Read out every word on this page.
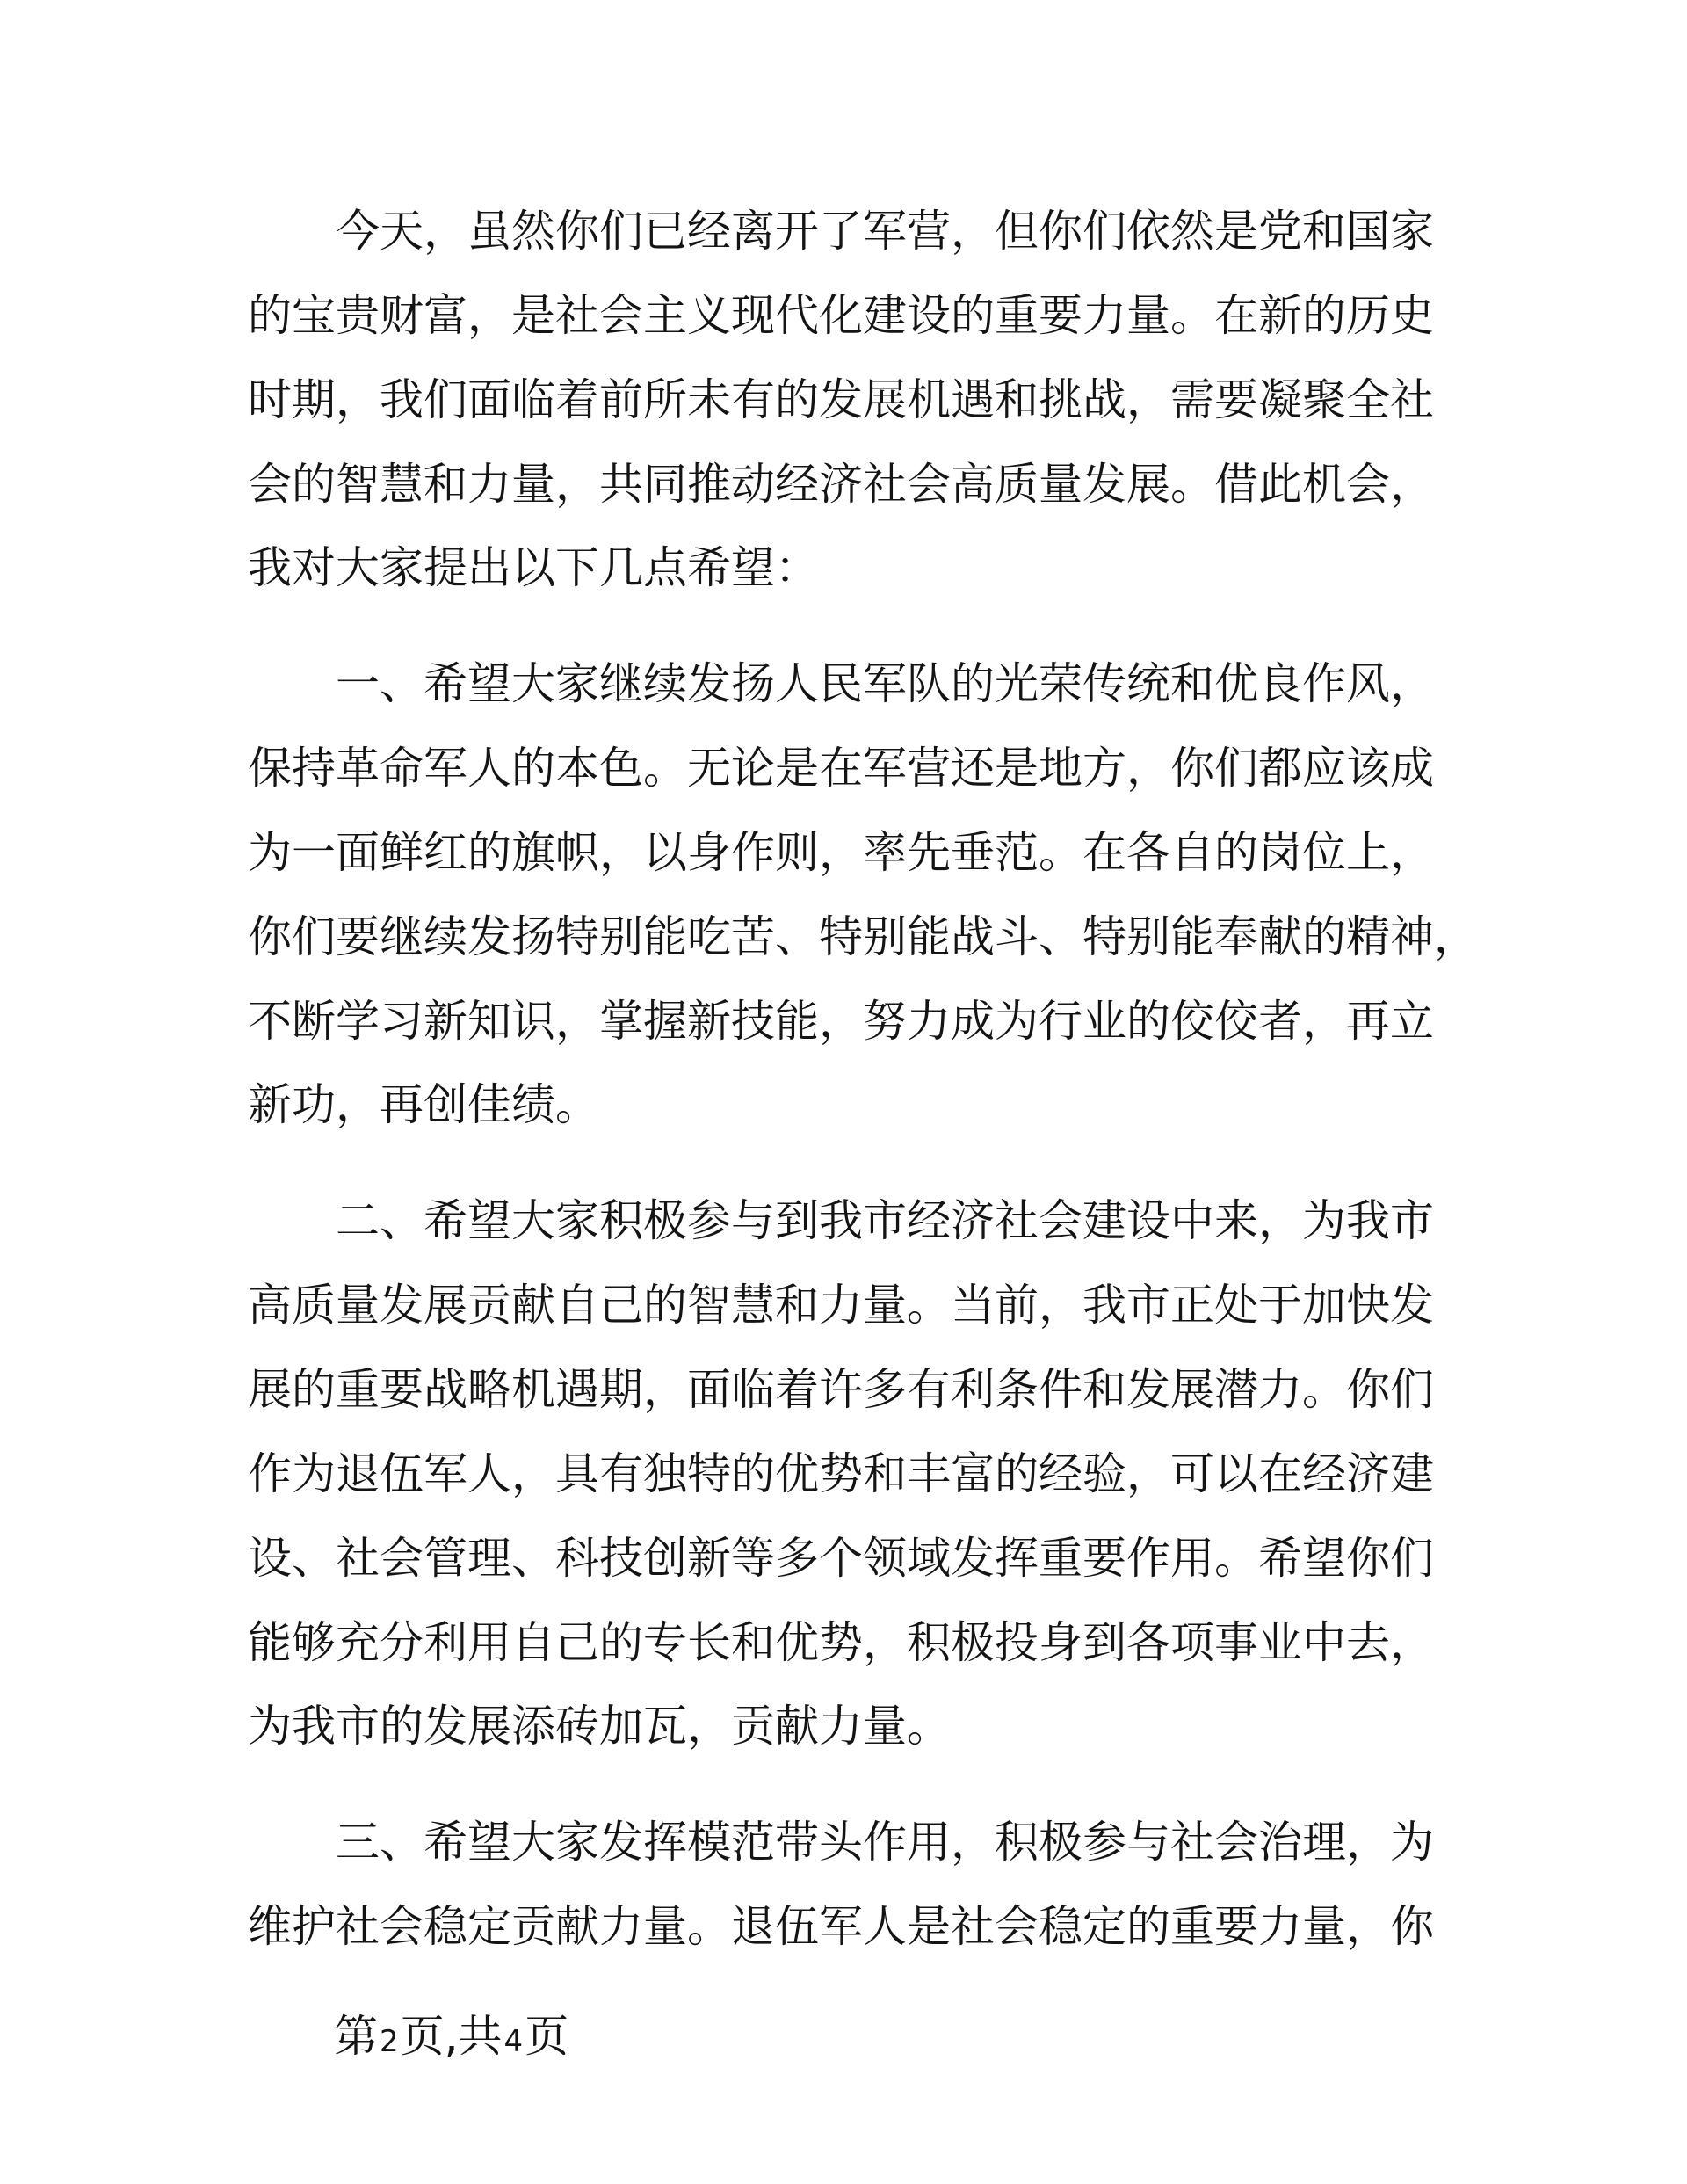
　　今天，虽然你们已经离开了军营，但你们依然是党和国家

的宝贵财富，是社会主义现代化建设的重要力量。在新的历史

时期，我们面临着前所未有的发展机遇和挑战，需要凝聚全社

会的智慧和力量，共同推动经济社会高质量发展。借此机会，

我对大家提出以下几点希望：

　　一、希望大家继续发扬人民军队的光荣传统和优良作风，

保持革命军人的本色。无论是在军营还是地方，你们都应该成

为一面鲜红的旗帜，以身作则，率先垂范。在各自的岗位上，

你们要继续发扬特别能吃苦、特别能战斗、特别能奉献的精神，

不断学习新知识，掌握新技能，努力成为行业的佼佼者，再立

新功，再创佳绩。

　　二、希望大家积极参与到我市经济社会建设中来，为我市

高质量发展贡献自己的智慧和力量。当前，我市正处于加快发

展的重要战略机遇期，面临着许多有利条件和发展潜力。你们

作为退伍军人，具有独特的优势和丰富的经验，可以在经济建

设、社会管理、科技创新等多个领域发挥重要作用。希望你们

能够充分利用自己的专长和优势，积极投身到各项事业中去，

为我市的发展添砖加瓦，贡献力量。

　　三、希望大家发挥模范带头作用，积极参与社会治理，为

维护社会稳定贡献力量。退伍军人是社会稳定的重要力量，你

第2页,共4页
